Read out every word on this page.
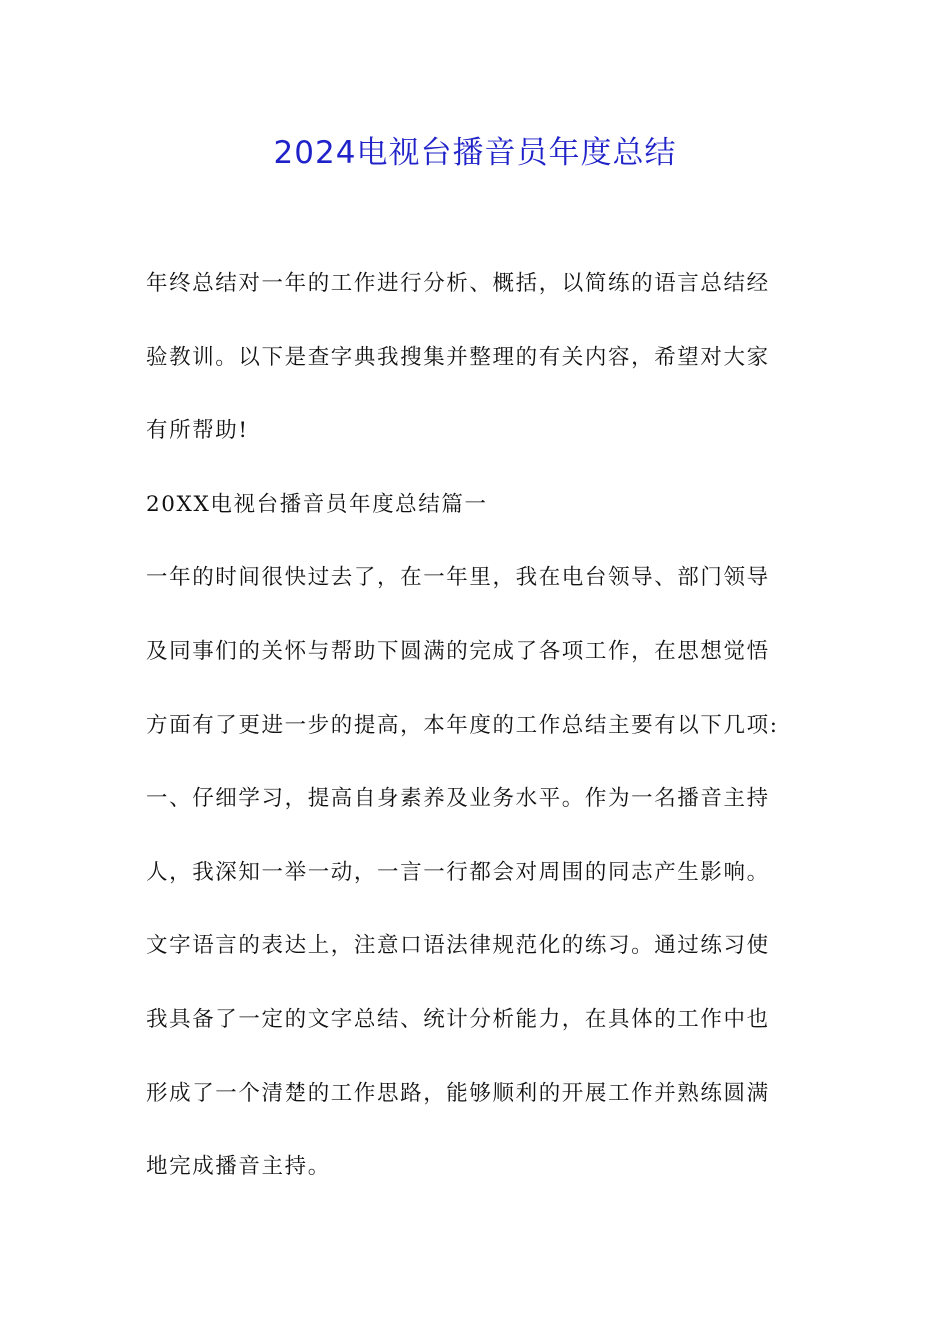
2024电视台播音员年度总结
年终总结对一年的工作进行分析、概括，以简练的语言总结经
验教训。以下是查字典我搜集并整理的有关内容，希望对大家
有所帮助!
20XX电视台播音员年度总结篇一
一年的时间很快过去了，在一年里，我在电台领导、部门领导
及同事们的关怀与帮助下圆满的完成了各项工作，在思想觉悟
方面有了更进一步的提高，本年度的工作总结主要有以下几项:
一、仔细学习，提高自身素养及业务水平。作为一名播音主持
人，我深知一举一动，一言一行都会对周围的同志产生影响。
文字语言的表达上，注意口语法律规范化的练习。通过练习使
我具备了一定的文字总结、统计分析能力，在具体的工作中也
形成了一个清楚的工作思路，能够顺利的开展工作并熟练圆满
地完成播音主持。
